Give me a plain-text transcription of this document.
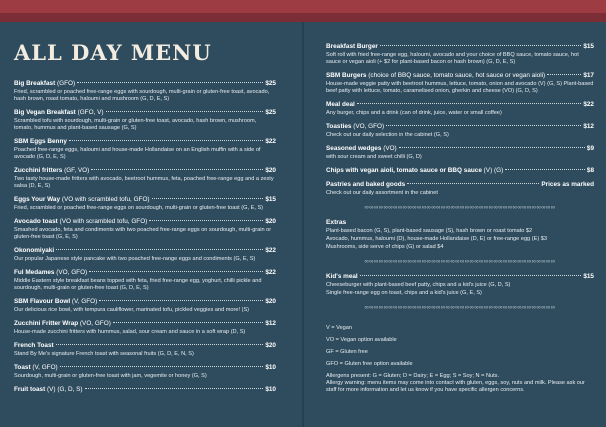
ALL DAY MENU
Big Breakfast (GFO)	$25
Fried, scrambled or poached free-range eggs with sourdough, multi-grain or gluten-free toast, avocado, hash brown, roast tomato, haloumi and mushroom (G, D, E, S)
Big Vegan Breakfast (GFO, V)	$25
Scrambled tofu with sourdough, multi-grain or gluten-free toast, avocado, hash brown, mushroom, tomato, hummus and plant-based sausage (G, S)
SBM Eggs Benny	$22
Poached free-range eggs, haloumi and house-made Hollandaise on an English muffin with a side of avocado (G, D, E, S)
Zucchini fritters (GF, VO)	$20
Two tasty house-made fritters with avocado, beetroot hummus, feta, poached free-range egg and a zesty salsa (D, E, S)
Eggs Your Way (VO with scrambled tofu, GFO)	$15
Fried, scrambled or poached free-range eggs on sourdough, multi-grain or gluten-free toast (G, E, S)
Avocado toast (VO with scrambled tofu, GFO)	$20
Smashed avocado, feta and condiments with two poached free-range eggs on sourdough, multi-grain or gluten-free toast (G, E, S)
Okonomiyaki	$22
Our popular Japanese style pancake with two poached free-range eggs and condiments (G, E, S)
Ful Medames (VO, GFO)	$22
Middle Eastern style breakfast beans topped with feta, fried free-range egg, yoghurt, chilli pickle and sourdough, multi-grain or gluten-free toast (G, D, E, S)
SBM Flavour Bowl (V, GFO)	$20
Our delicious rice bowl, with tempura cauliflower, marinated tofu, pickled veggies and more! (S)
Zucchini Fritter Wrap (VO, GFO)	$12
House-made zucchini fritters with hummus, salad, sour cream and sauce in a soft wrap (D, S)
French Toast	$20
Stand By Me's signature French toast with seasonal fruits (G, D, E, N, S)
Toast (V, GFO)	$10
Sourdough, multi-grain or gluten-free toast with jam, vegemite or honey (G, S)
Fruit toast (V) (G, D, S)	$10
Breakfast Burger	$15
Soft roll with fried free-range egg, haloumi, avocado and your choice of BBQ sauce, tomato sauce, hot sauce or vegan aioli (+ $2 for plant-based bacon or hash brown) (G, D, E, S)
SBM Burgers (choice of BBQ sauce, tomato sauce, hot sauce or vegan aioli)	$17
House-made veggie patty with beetroot hummus, lettuce, tomato, onion and avocado (V) (G, S) Plant-based beef patty with lettuce, tomato, caramelised onion, gherkin and cheese (VO) (G, D, S)
Meal deal	$22
Any burger, chips and a drink (can of drink, juice, water or small coffee)
Toasties (VO, GFO)	$12
Check out our daily selection in the cabinet (G, S)
Seasoned wedges (VO)	$9
with sour cream and sweet chilli (G, D)
Chips with vegan aioli, tomato sauce or BBQ sauce (V) (G)	$8
Pastries and baked goods	Prices as marked
Check out our daily assortment in the cabinet
∞∞∞∞∞∞∞∞∞∞∞∞∞∞∞∞∞∞∞∞∞∞∞∞∞∞∞∞∞∞∞∞∞∞∞∞∞∞∞∞
Extras
Plant-based bacon (G, S), plant-based sausage (S), hash brown or roast tomato $2
Avocado, hummus, haloumi (D), house-made Hollandaise (D, E) or free-range egg (E) $3
Mushrooms, side serve of chips (G) or salad $4
∞∞∞∞∞∞∞∞∞∞∞∞∞∞∞∞∞∞∞∞∞∞∞∞∞∞∞∞∞∞∞∞∞∞∞∞∞∞∞∞
Kid's meal	$15
Cheeseburger with plant-based beef patty, chips and a kid's juice (G, D, S)
Single free-range egg on toast, chips and a kid's juice (G, E, S)
∞∞∞∞∞∞∞∞∞∞∞∞∞∞∞∞∞∞∞∞∞∞∞∞∞∞∞∞∞∞∞∞∞∞∞∞∞∞∞∞
V = Vegan
VO = Vegan option available
GF = Gluten free
GFO = Gluten free option available
Allergens present: G = Gluten; D = Dairy; E = Egg; S = Soy; N = Nuts.
Allergy warning: menu items may come into contact with gluten, eggs, soy, nuts and milk. Please ask our staff for more information and let us know if you have specific allergen concerns.
